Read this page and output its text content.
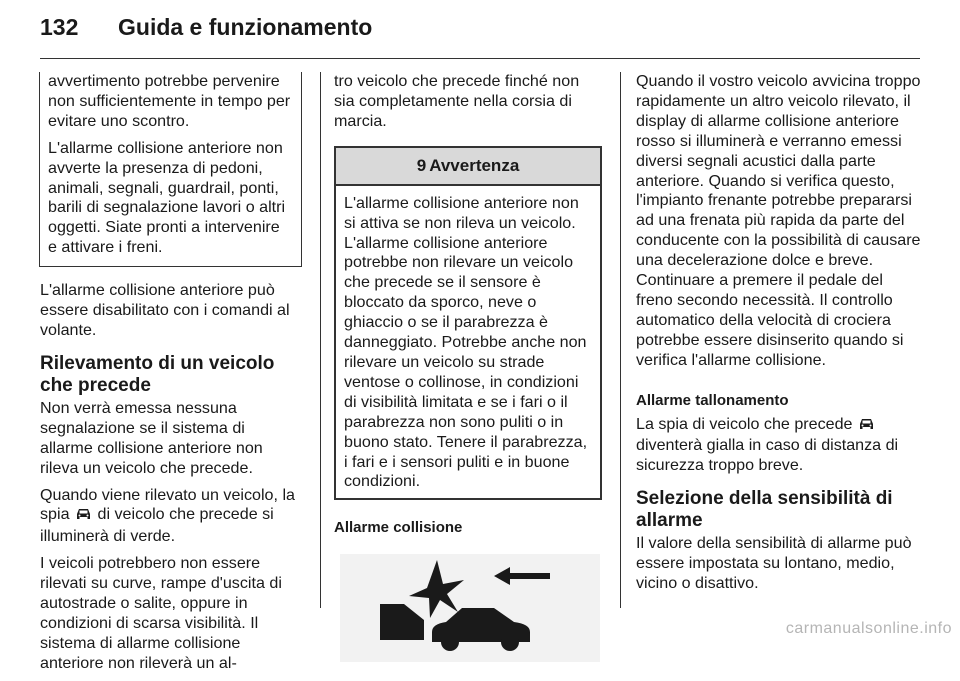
132 Guida e funzionamento

avvertimento potrebbe pervenire non sufficientemente in tempo per evitare uno scontro.

L'allarme collisione anteriore non avverte la presenza di pedoni, animali, segnali, guardrail, ponti, barili di segnalazione lavori o altri oggetti. Siate pronti a intervenire e attivare i freni.

L'allarme collisione anteriore può essere disabilitato con i comandi al volante.

Rilevamento di un veicolo che precede

Non verrà emessa nessuna segnalazione se il sistema di allarme collisione anteriore non rileva un veicolo che precede.

Quando viene rilevato un veicolo, la spia di veicolo che precede si illuminerà di verde.

I veicoli potrebbero non essere rilevati su curve, rampe d'uscita di autostrade o salite, oppure in condizioni di scarsa visibilità. Il sistema di allarme collisione anteriore non rileverà un al-

tro veicolo che precede finché non sia completamente nella corsia di marcia.

9 Avvertenza
L'allarme collisione anteriore non si attiva se non rileva un veicolo. L'allarme collisione anteriore potrebbe non rilevare un veicolo che precede se il sensore è bloccato da sporco, neve o ghiaccio o se il parabrezza è danneggiato. Potrebbe anche non rilevare un veicolo su strade ventose o collinose, in condizioni di visibilità limitata e se i fari o il parabrezza non sono puliti o in buono stato. Tenere il parabrezza, i fari e i sensori puliti e in buone condizioni.
Allarme collisione

Quando il vostro veicolo avvicina troppo rapidamente un altro veicolo rilevato, il display di allarme collisione anteriore rosso si illuminerà e verranno emessi diversi segnali acustici dalla parte anteriore. Quando si verifica questo, l'impianto frenante potrebbe prepararsi ad una frenata più rapida da parte del conducente con la possibilità di causare una decelerazione dolce e breve. Continuare a premere il pedale del freno secondo necessità. Il controllo automatico della velocità di crociera potrebbe essere disinserito quando si verifica l'allarme collisione.

Allarme tallonamento

La spia di veicolo che precede  diventerà gialla in caso di distanza di sicurezza troppo breve.

Selezione della sensibilità di allarme

Il valore della sensibilità di allarme può essere impostata su lontano, medio, vicino o disattivo.

carmanualsonline.info
